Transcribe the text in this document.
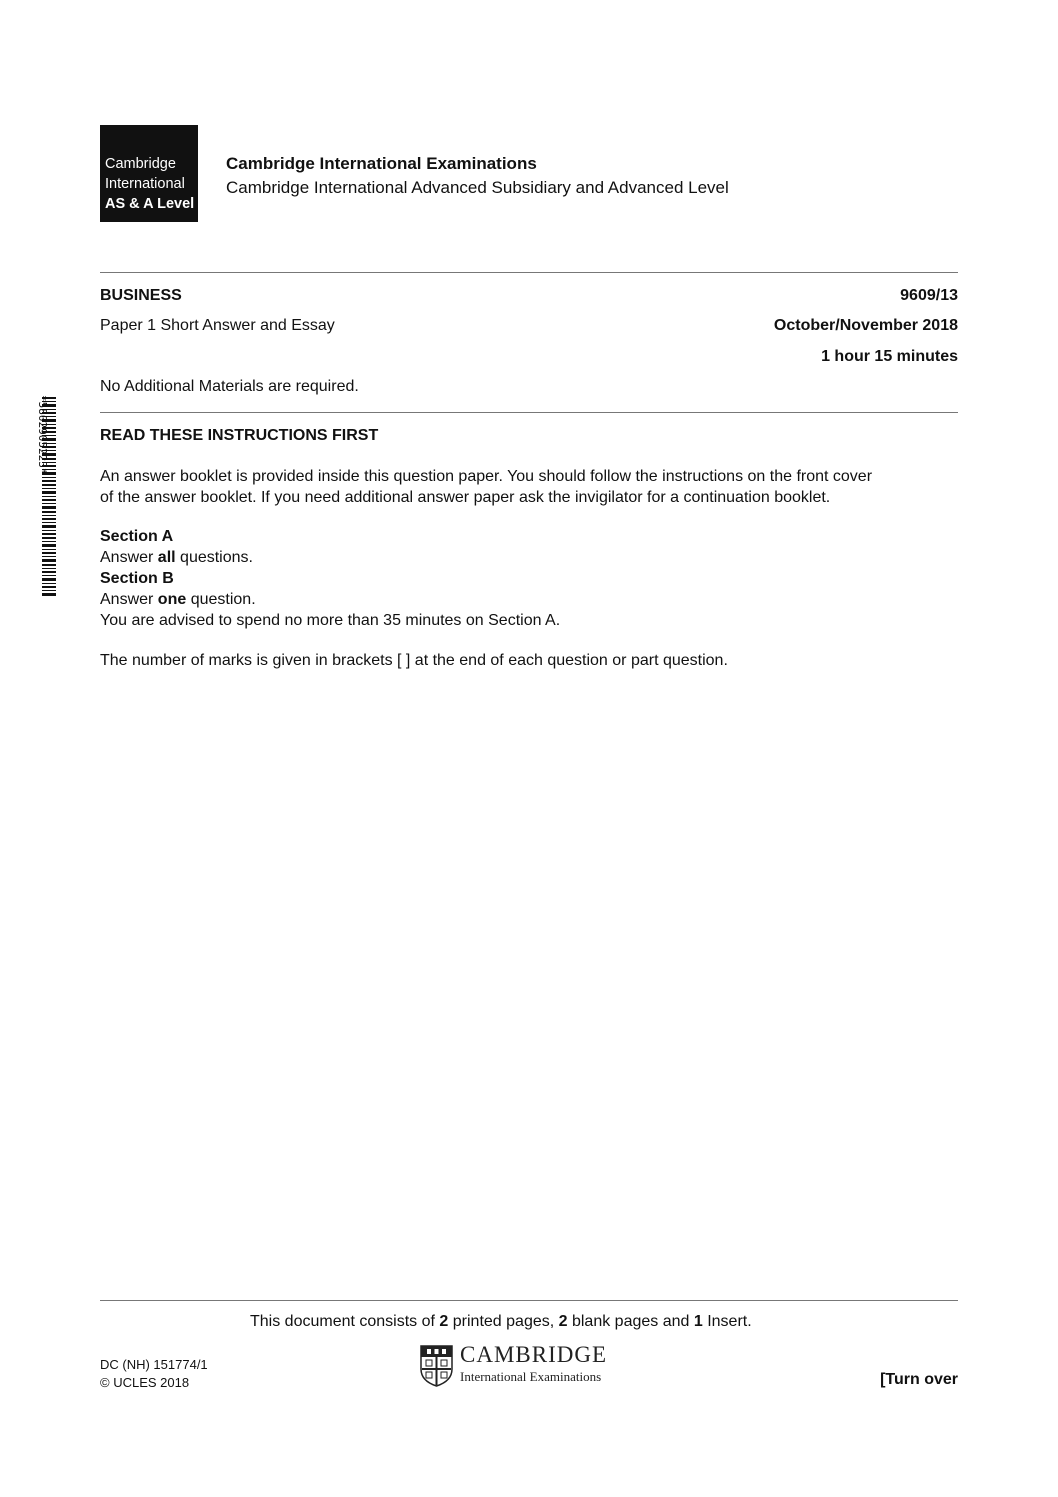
Cambridge
International
AS & A Level
Cambridge International Examinations
Cambridge International Advanced Subsidiary and Advanced Level
BUSINESS	9609/13
Paper 1 Short Answer and Essay	October/November 2018
1 hour 15 minutes
No Additional Materials are required.
*5802905223*	READ THESE INSTRUCTIONS FIRST
An answer booklet is provided inside this question paper. You should follow the instructions on the front cover
of the answer booklet. If you need additional answer paper ask the invigilator for a continuation booklet.
Section A
Answer all questions.
Section B
Answer one question.
You are advised to spend no more than 35 minutes on Section A.
The number of marks is given in brackets [ ] at the end of each question or part question.
This document consists of 2 printed pages, 2 blank pages and 1 Insert.
DC (NH) 151774/1
© UCLES 2018
CAMBRIDGE
International Examinations	[Turn over
